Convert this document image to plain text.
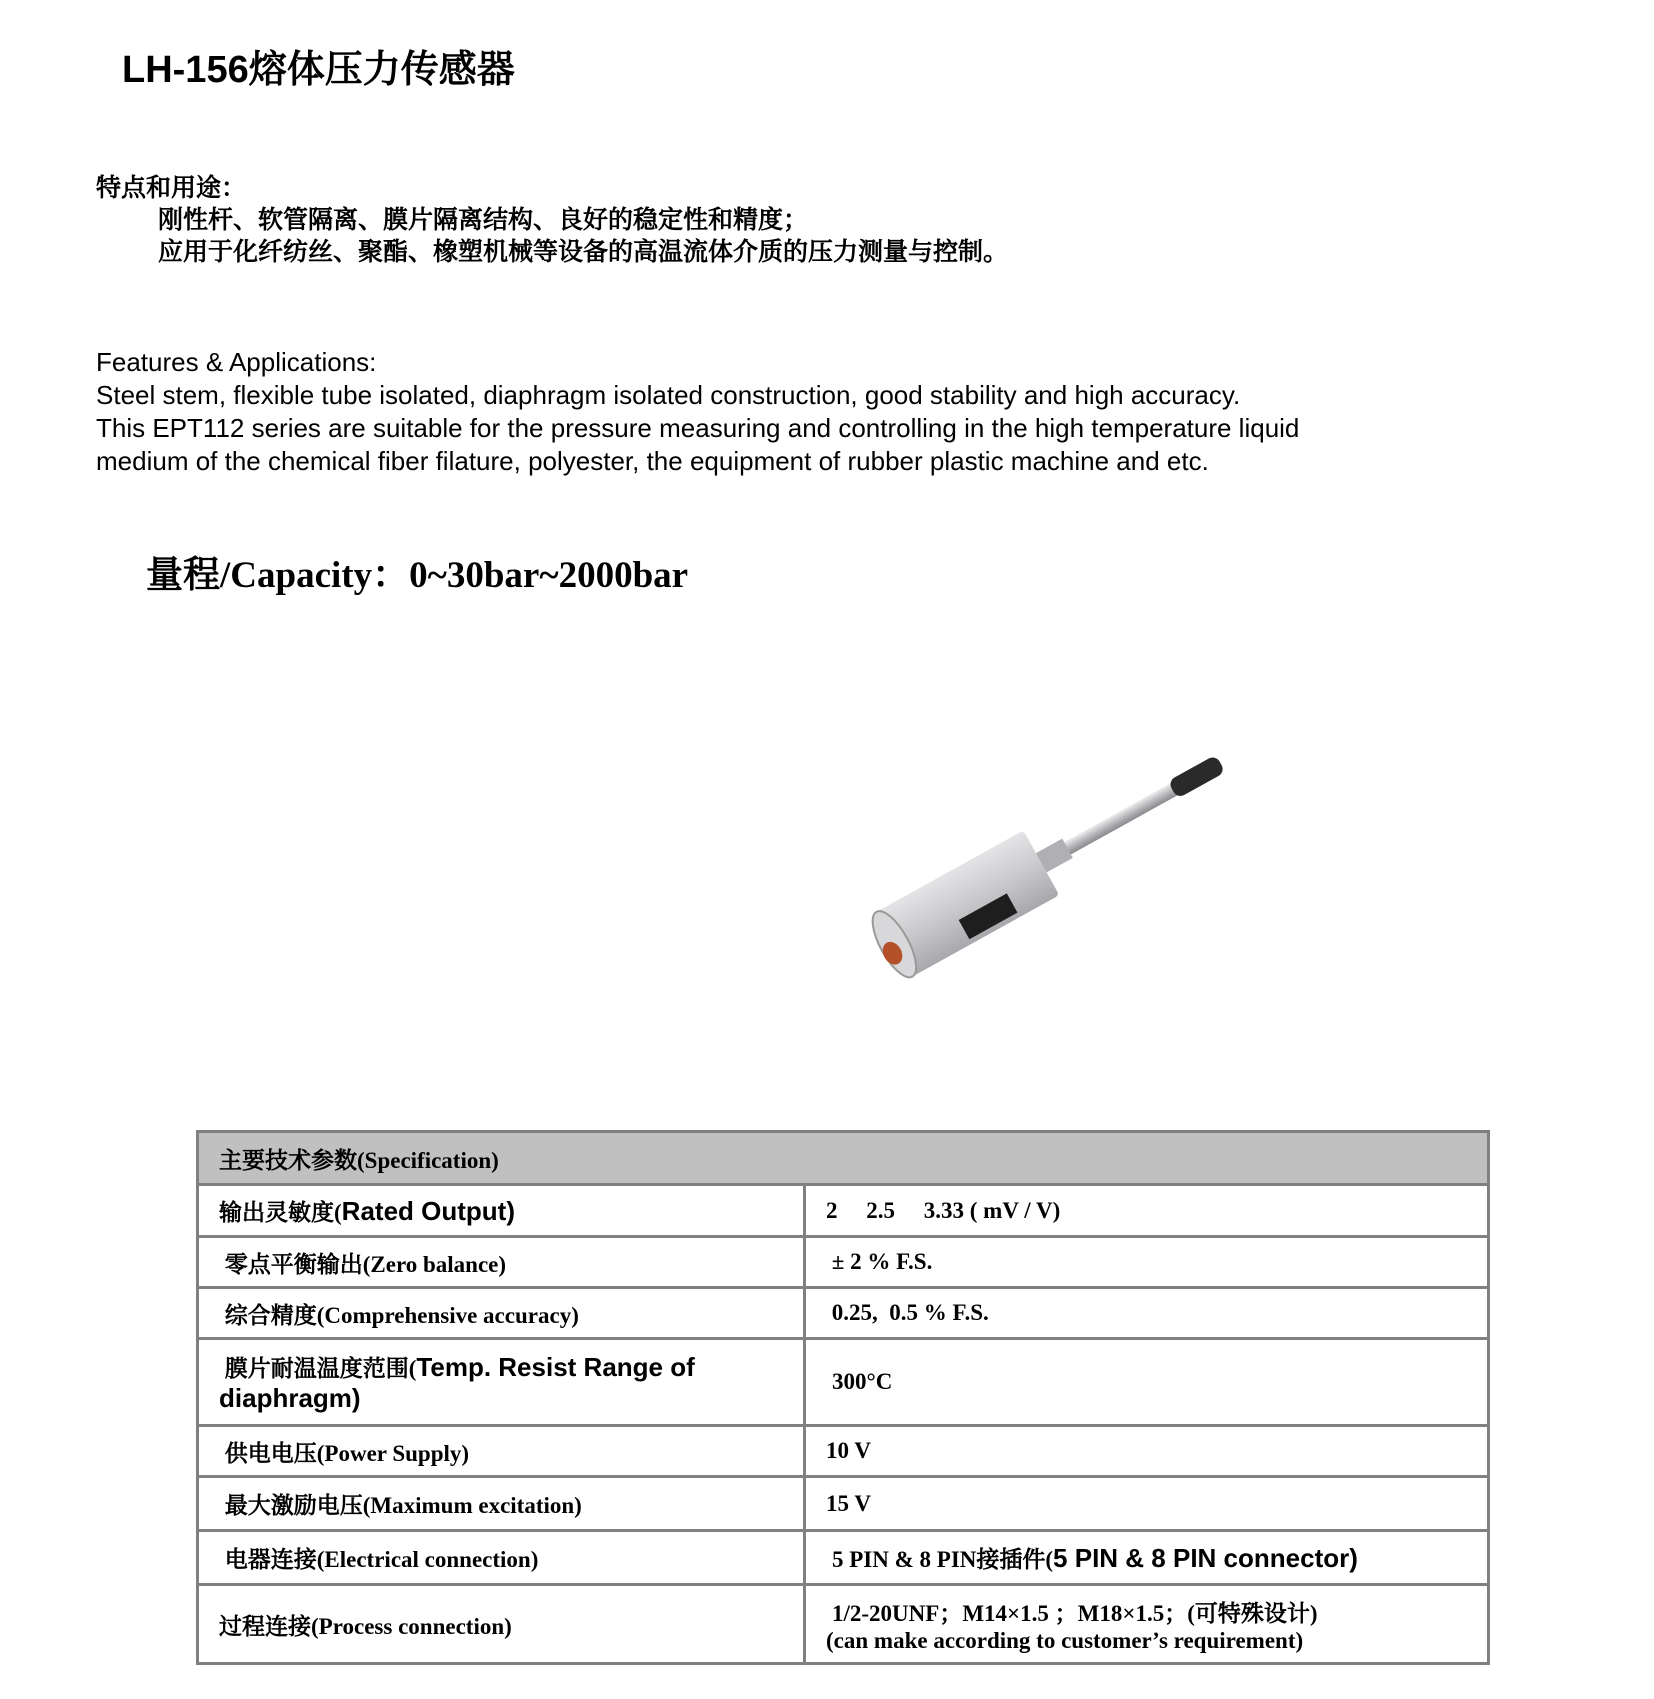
LH-156熔体压力传感器
特点和用途：
刚性杆、软管隔离、膜片隔离结构、良好的稳定性和精度；
应用于化纤纺丝、聚酯、橡塑机械等设备的高温流体介质的压力测量与控制。
Features & Applications:
Steel stem, flexible tube isolated, diaphragm isolated construction, good stability and high accuracy.
This EPT112 series are suitable for the pressure measuring and controlling in the high temperature liquid
medium of the chemical fiber filature, polyester, the equipment of rubber plastic machine and etc.
量程/Capacity：0~30bar~2000bar
主要技术参数(Specification)	
输出灵敏度(Rated Output)	2     2.5     3.33 ( mV / V)
零点平衡输出(Zero balance)	± 2 % F.S.
综合精度(Comprehensive accuracy)	0.25,  0.5 % F.S.
膜片耐温温度范围(Temp. Resist Range of diaphragm)	300°C
供电电压(Power Supply)	10 V
最大激励电压(Maximum excitation)	15 V
电器连接(Electrical connection)	5 PIN & 8 PIN接插件(5 PIN & 8 PIN connector)
过程连接(Process connection)	1/2-20UNF；M14×1.5 ；M18×1.5；(可特殊设计)
(can make according to customer’s requirement)
